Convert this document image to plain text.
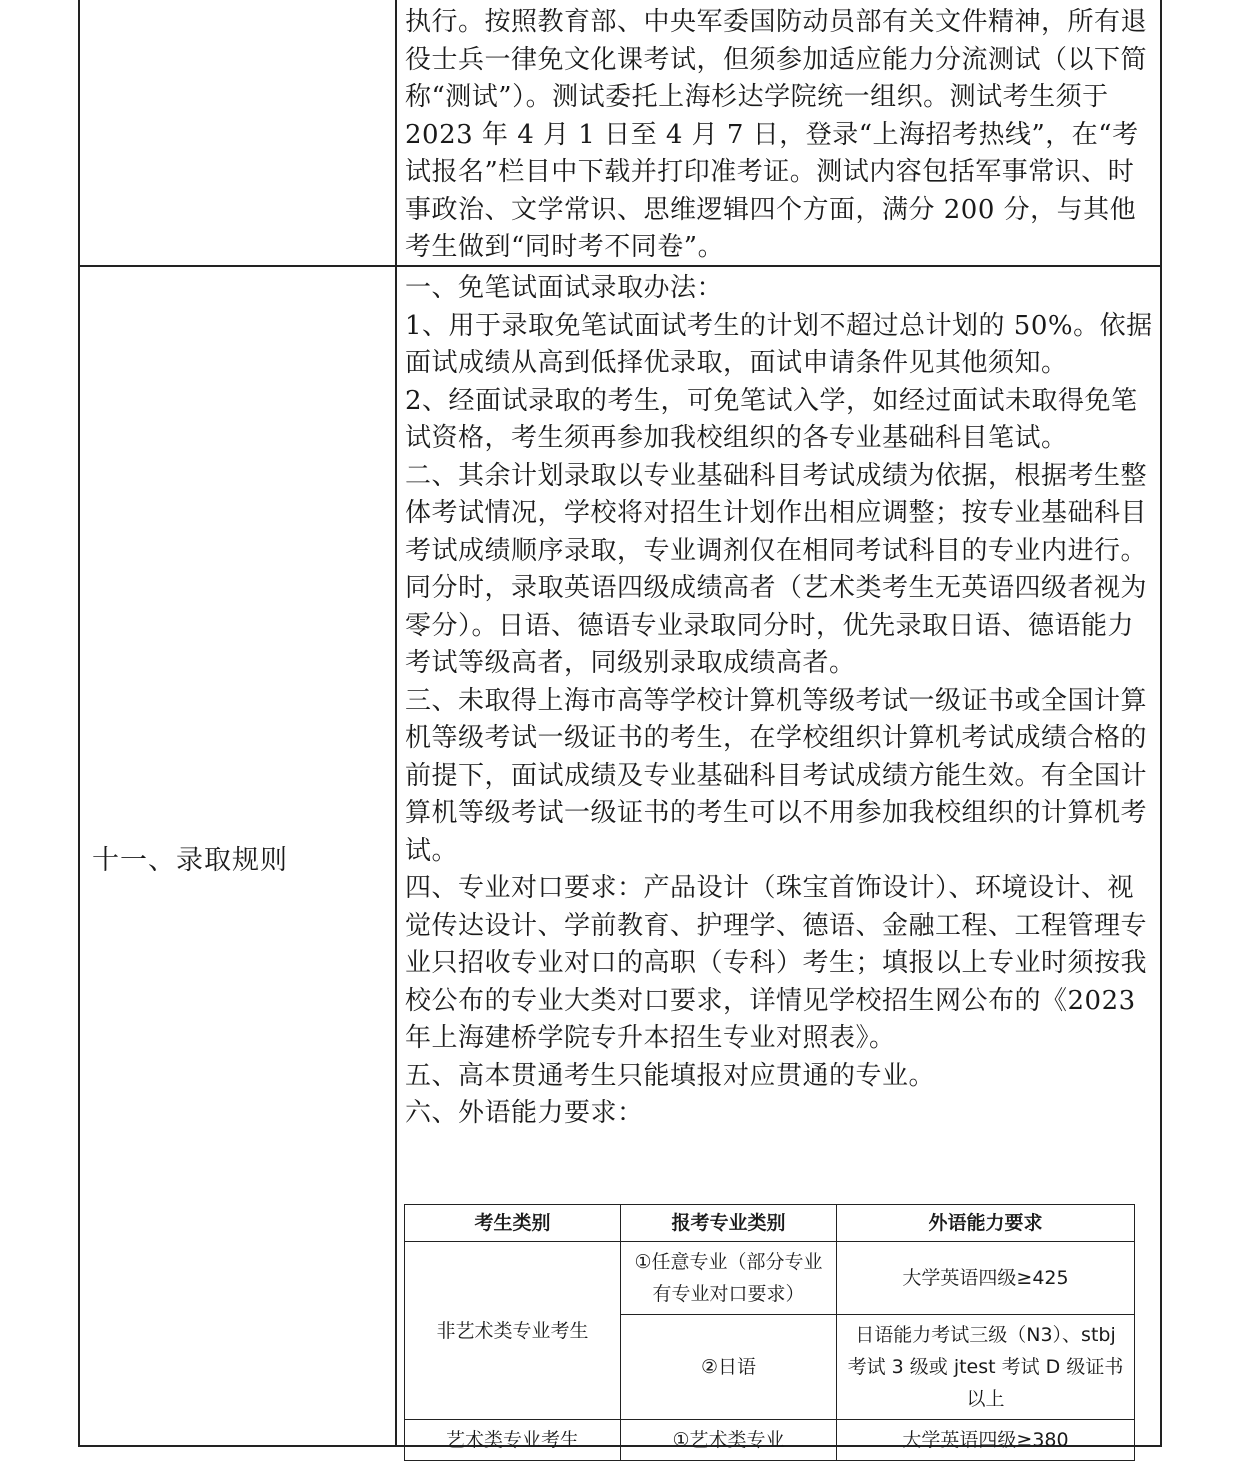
执行。按照教育部、中央军委国防动员部有关文件精神，所有退役士兵一律免文化课考试，但须参加适应能力分流测试（以下简称“测试”）。测试委托上海杉达学院统一组织。测试考生须于 2023 年 4 月 1 日至 4 月 7 日，登录“上海招考热线”，在“考试报名”栏目中下载并打印准考证。测试内容包括军事常识、时事政治、文学常识、思维逻辑四个方面，满分 200 分，与其他考生做到“同时考不同卷”。

十一、录取规则

一、免笔试面试录取办法：

1、用于录取免笔试面试考生的计划不超过总计划的 50%。依据面试成绩从高到低择优录取，面试申请条件见其他须知。

2、经面试录取的考生，可免笔试入学，如经过面试未取得免笔试资格，考生须再参加我校组织的各专业基础科目笔试。

二、其余计划录取以专业基础科目考试成绩为依据，根据考生整体考试情况，学校将对招生计划作出相应调整；按专业基础科目考试成绩顺序录取，专业调剂仅在相同考试科目的专业内进行。同分时，录取英语四级成绩高者（艺术类考生无英语四级者视为零分）。日语、德语专业录取同分时，优先录取日语、德语能力考试等级高者，同级别录取成绩高者。

三、未取得上海市高等学校计算机等级考试一级证书或全国计算机等级考试一级证书的考生，在学校组织计算机考试成绩合格的前提下，面试成绩及专业基础科目考试成绩方能生效。有全国计算机等级考试一级证书的考生可以不用参加我校组织的计算机考试。

四、专业对口要求：产品设计（珠宝首饰设计）、环境设计、视觉传达设计、学前教育、护理学、德语、金融工程、工程管理专业只招收专业对口的高职（专科）考生；填报以上专业时须按我校公布的专业大类对口要求，详情见学校招生网公布的《2023 年上海建桥学院专升本招生专业对照表》。

五、高本贯通考生只能填报对应贯通的专业。

六、外语能力要求：

考生类别	报考专业类别	外语能力要求
非艺术类专业考生	①任意专业（部分专业有专业对口要求）	大学英语四级≥425
	②日语	日语能力考试三级（N3）、stbj考试 3 级或 jtest 考试 D 级证书以上
艺术类专业考生	①艺术类专业	大学英语四级≥380
